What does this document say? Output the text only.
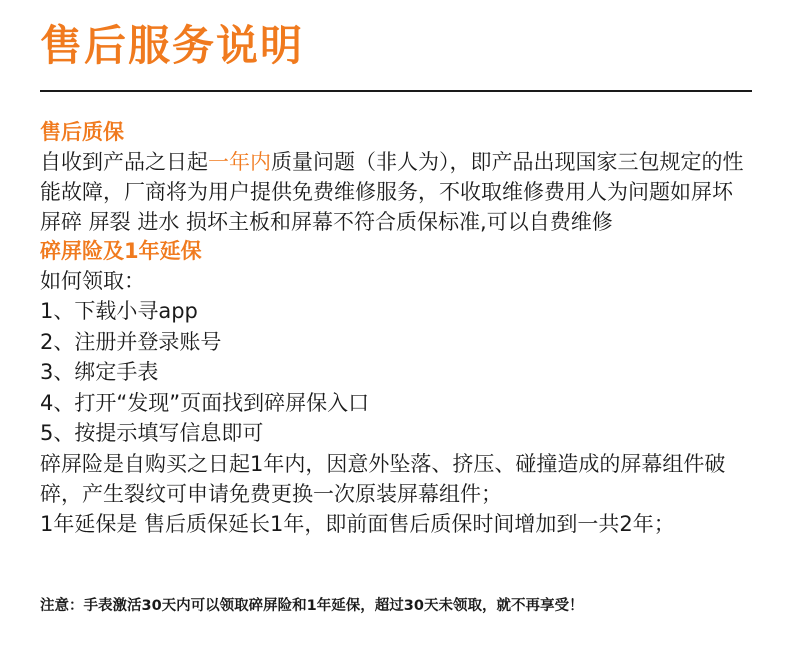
售后服务说明
售后质保

自收到产品之日起一年内质量问题（非人为），即产品出现国家三包规定的性能故障，厂商将为用户提供免费维修服务，不收取维修费用人为问题如屏坏 屏碎 屏裂 进水 损坏主板和屏幕不符合质保标准,可以自费维修

碎屏险及1年延保

如何领取：

1、下载小寻app
2、注册并登录账号
3、绑定手表
4、打开“发现”页面找到碎屏保入口
5、按提示填写信息即可

碎屏险是自购买之日起1年内，因意外坠落、挤压、碰撞造成的屏幕组件破碎，产生裂纹可申请免费更换一次原装屏幕组件；

1年延保是 售后质保延长1年，即前面售后质保时间增加到一共2年；

注意：手表激活30天内可以领取碎屏险和1年延保，超过30天未领取，就不再享受！
